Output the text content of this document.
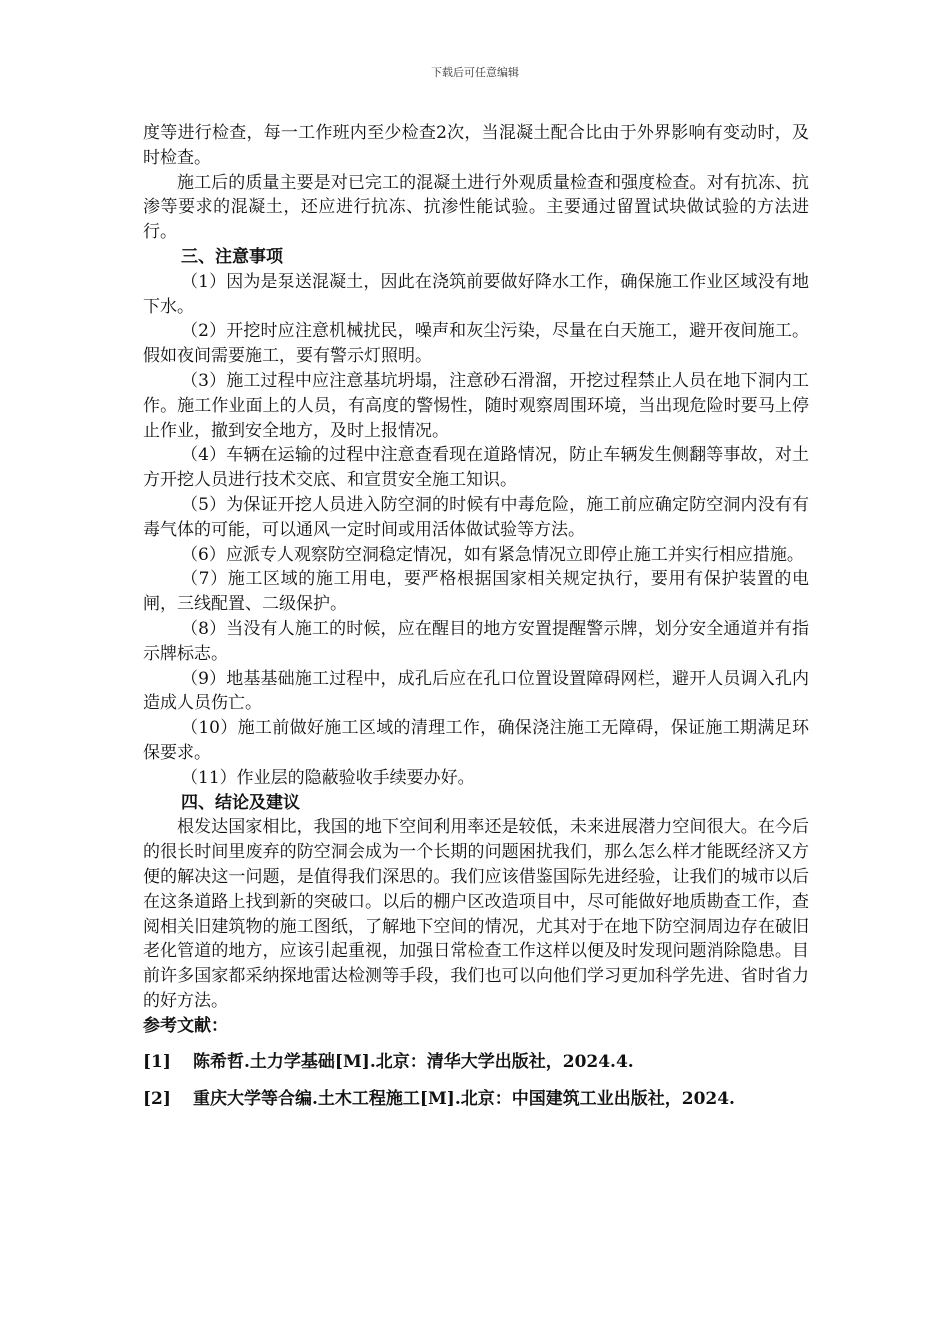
下载后可任意编辑

度等进行检查，每一工作班内至少检查2次，当混凝土配合比由于外界影响有变动时，及时检查。

施工后的质量主要是对已完工的混凝土进行外观质量检查和强度检查。对有抗冻、抗渗等要求的混凝土，还应进行抗冻、抗渗性能试验。主要通过留置试块做试验的方法进行。

三、注意事项

（1）因为是泵送混凝土，因此在浇筑前要做好降水工作，确保施工作业区域没有地下水。

（2）开挖时应注意机械扰民，噪声和灰尘污染，尽量在白天施工，避开夜间施工。假如夜间需要施工，要有警示灯照明。

（3）施工过程中应注意基坑坍塌，注意砂石滑溜，开挖过程禁止人员在地下洞内工作。施工作业面上的人员，有高度的警惕性，随时观察周围环境，当出现危险时要马上停止作业，撤到安全地方，及时上报情况。

（4）车辆在运输的过程中注意查看现在道路情况，防止车辆发生侧翻等事故，对土方开挖人员进行技术交底、和宣贯安全施工知识。

（5）为保证开挖人员进入防空洞的时候有中毒危险，施工前应确定防空洞内没有有毒气体的可能，可以通风一定时间或用活体做试验等方法。

（6）应派专人观察防空洞稳定情况，如有紧急情况立即停止施工并实行相应措施。

（7）施工区域的施工用电，要严格根据国家相关规定执行，要用有保护装置的电闸，三线配置、二级保护。

（8）当没有人施工的时候，应在醒目的地方安置提醒警示牌，划分安全通道并有指示牌标志。

（9）地基基础施工过程中，成孔后应在孔口位置设置障碍网栏，避开人员调入孔内造成人员伤亡。

（10）施工前做好施工区域的清理工作，确保浇注施工无障碍，保证施工期满足环保要求。

（11）作业层的隐蔽验收手续要办好。

四、结论及建议

根发达国家相比，我国的地下空间利用率还是较低，未来进展潜力空间很大。在今后的很长时间里废弃的防空洞会成为一个长期的问题困扰我们，那么怎么样才能既经济又方便的解决这一问题，是值得我们深思的。我们应该借鉴国际先进经验，让我们的城市以后在这条道路上找到新的突破口。以后的棚户区改造项目中，尽可能做好地质勘查工作，查阅相关旧建筑物的施工图纸，了解地下空间的情况，尤其对于在地下防空洞周边存在破旧老化管道的地方，应该引起重视，加强日常检查工作这样以便及时发现问题消除隐患。目前许多国家都采纳探地雷达检测等手段，我们也可以向他们学习更加科学先进、省时省力的好方法。

参考文献：

[1] 陈希哲.土力学基础[M].北京：清华大学出版社，2024.4.

[2] 重庆大学等合编.土木工程施工[M].北京：中国建筑工业出版社，2024.
